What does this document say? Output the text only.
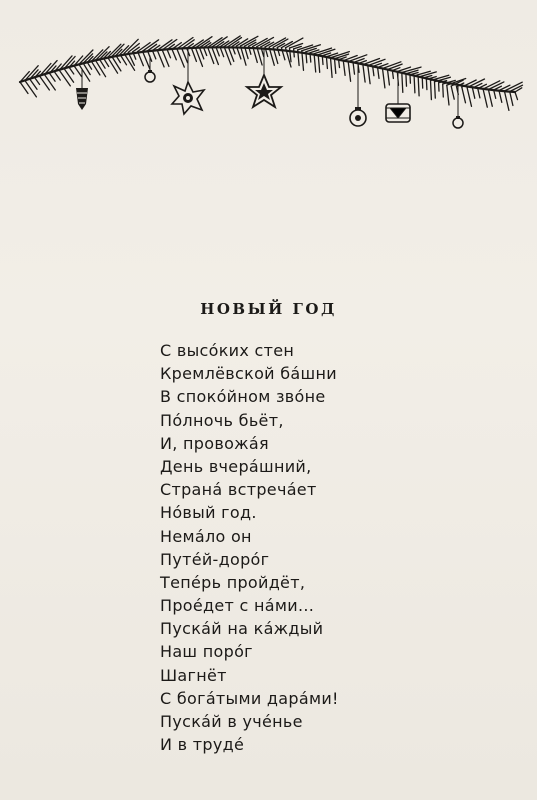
НОВЫЙ ГОД
С высóких стен
Кремлёвской бáшни
В спокóйном звóне
Пóлночь бьёт,
И, провожáя
День вчерáшний,
Странá встречáет
Нóвый год.
Немáло он
Путéй-дорóг
Тепéрь пройдёт,
Проéдет с нáми...
Пускáй на кáждый
Наш порóг
Шагнёт
С богáтыми дарáми!
Пускáй в учéнье
И в трудé
